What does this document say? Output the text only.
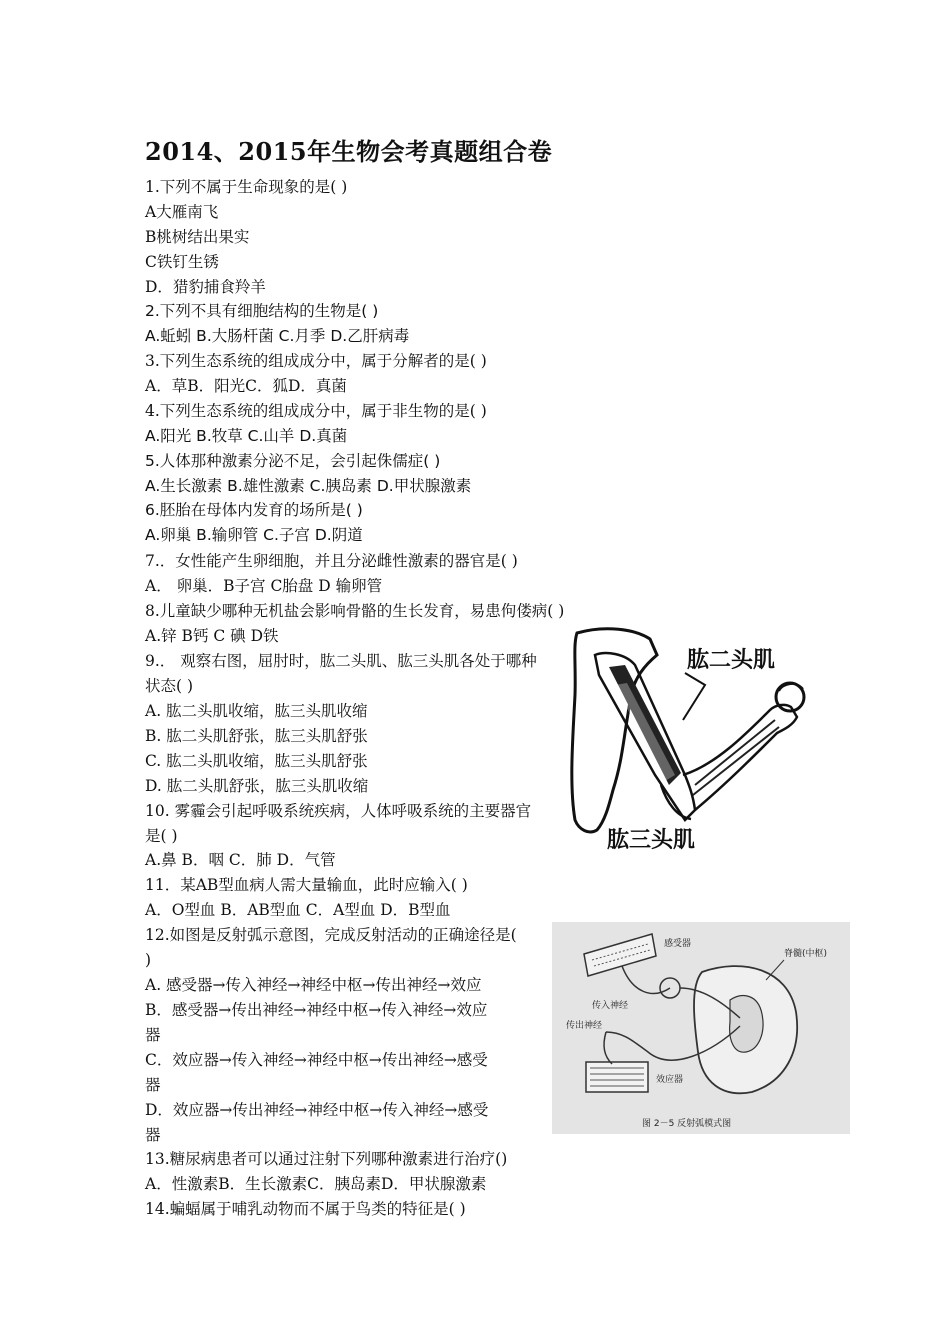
2014、2015年生物会考真题组合卷
1.下列不属于生命现象的是( )
A大雁南飞
B桃树结出果实
C铁钉生锈
D．猎豹捕食羚羊
2.下列不具有细胞结构的生物是( )
A.蚯蚓 B.大肠杆菌 C.月季 D.乙肝病毒
3.下列生态系统的组成成分中，属于分解者的是( )
A．草B．阳光C．狐D．真菌
4.下列生态系统的组成成分中，属于非生物的是( )
A.阳光 B.牧草 C.山羊 D.真菌
5.人体那种激素分泌不足，会引起侏儒症( )
A.生长激素 B.雄性激素 C.胰岛素 D.甲状腺激素
6.胚胎在母体内发育的场所是( )
A.卵巢 B.输卵管 C.子宫 D.阴道
7.．女性能产生卵细胞，并且分泌雌性激素的器官是( )
A． 卵巢．B子宫 C胎盘 D 输卵管
8.儿童缺少哪种无机盐会影响骨骼的生长发育，易患佝偻病( )
A.锌 B钙 C 碘 D铁
9.． 观察右图，屈肘时，肱二头肌、肱三头肌各处于哪种
状态( )
A. 肱二头肌收缩，肱三头肌收缩
B. 肱二头肌舒张，肱三头肌舒张
C. 肱二头肌收缩，肱三头肌舒张
D. 肱二头肌舒张，肱三头肌收缩
10. 雾霾会引起呼吸系统疾病，人体呼吸系统的主要器官
是( )
A.鼻 B．咽 C．肺 D．气管
11．某AB型血病人需大量输血，此时应输入( )
A．O型血 B．AB型血 C．A型血 D．B型血
12.如图是反射弧示意图，完成反射活动的正确途径是(
)
A. 感受器→传入神经→神经中枢→传出神经→效应
B．感受器→传出神经→神经中枢→传入神经→效应
器
C．效应器→传入神经→神经中枢→传出神经→感受
器
D．效应器→传出神经→神经中枢→传入神经→感受
器
13.糖尿病患者可以通过注射下列哪种激素进行治疗()
A．性激素B．生长激素C．胰岛素D．甲状腺激素
14.蝙蝠属于哺乳动物而不属于鸟类的特征是( )
肱二头肌
肱三头肌
感受器
传入神经
脊髓(中枢)
传出神经
效应器
图 2－5 反射弧模式图
